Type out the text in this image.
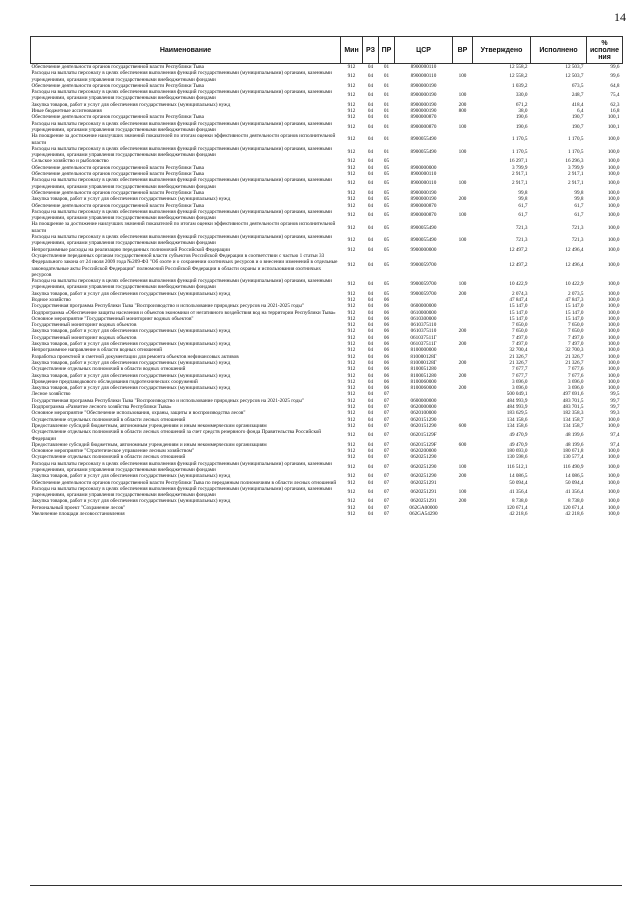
14
Наименование	Мин	РЗ	ПР	ЦСР	ВР	Утверждено	Исполнено	% исполне ния
Обеспечение деятельности органов государственной власти Республики Тыва	912	04	01	8900000110		12 558,2	12 503,7	99,6
Расходы на выплаты персоналу в целях обеспечения выполнения функций государственными (муниципальными) органами, казенными учреждениями, органами управления государственными внебюджетными фондами	912	04	01	8900000110	100	12 558,2	12 503,7	99,6
Обеспечение деятельности органов государственной власти Республики Тыва	912	04	01	8900000190		1 039,2	673,5	64,8
Расходы на выплаты персоналу в целях обеспечения выполнения функций государственными (муниципальными) органами, казенными учреждениями, органами управления государственными внебюджетными фондами	912	04	01	8900000190	100	330,0	248,7	75,4
Закупка товаров, работ и услуг для обеспечения государственных (муниципальных) нужд	912	04	01	8900000190	200	671,2	418,4	62,3
Иные бюджетные ассигнования	912	04	01	8900000190	800	38,0	6,4	16,8
Обеспечение деятельности органов государственной власти Республики Тыва	912	04	01	8900000870		190,6	190,7	100,1
Расходы на выплаты персоналу в целях обеспечения выполнения функций государственными (муниципальными) органами, казенными учреждениями, органами управления государственными внебюджетными фондами	912	04	01	8900000870	100	190,6	190,7	100,1
На поощрение за достижение наилучших значений показателей по итогам оценки эффективности деятельности органов исполнительной власти	912	04	01	8900055490		1 170,5	1 170,5	100,0
Расходы на выплаты персоналу в целях обеспечения выполнения функций государственными (муниципальными) органами, казенными учреждениями, органами управления государственными внебюджетными фондами	912	04	01	8900055490	100	1 170,5	1 170,5	100,0
Сельское хозяйство и рыболовство	912	04	05			16 297,1	16 296,3	100,0
Обеспечение деятельности органов государственной власти Республики Тыва	912	04	05	8900000000		3 799,9	3 799,9	100,0
Обеспечение деятельности органов государственной власти Республики Тыва	912	04	05	8900000110		2 917,1	2 917,1	100,0
Расходы на выплаты персоналу в целях обеспечения выполнения функций государственными (муниципальными) органами, казенными учреждениями, органами управления государственными внебюджетными фондами	912	04	05	8900000110	100	2 917,1	2 917,1	100,0
Обеспечение деятельности органов государственной власти Республики Тыва	912	04	05	8900000190		99,8	99,8	100,0
Закупка товаров, работ и услуг для обеспечения государственных (муниципальных) нужд	912	04	05	8900000190	200	99,8	99,8	100,0
Обеспечение деятельности органов государственной власти Республики Тыва	912	04	05	8900000870		61,7	61,7	100,0
Расходы на выплаты персоналу в целях обеспечения выполнения функций государственными (муниципальными) органами, казенными учреждениями, органами управления государственными внебюджетными фондами	912	04	05	8900000870	100	61,7	61,7	100,0
На поощрение за достижение наилучших значений показателей по итогам оценки эффективности деятельности органов исполнительной власти	912	04	05	8900055490		721,3	721,3	100,0
Расходы на выплаты персоналу в целях обеспечения выполнения функций государственными (муниципальными) органами, казенными учреждениями, органами управления государственными внебюджетными фондами	912	04	05	8900055490	100	721,3	721,3	100,0
Непрограммные расходы на реализацию переданных полномочий Российской Федерации	912	04	05	9900000000		12 497,2	12 496,4	100,0
Осуществление переданных органам государственной власти субъектов Российской Федерации в соответствии с частью 1 статьи 33 Федерального закона от 24 июля 2009 года №209-ФЗ "Об охоте и о сохранении охотничьих ресурсов и о внесении изменений в отдельные законодательные акты Российской Федерации" полномочий Российской Федерации в области охраны и использования охотничьих ресурсов	912	04	05	9900059700		12 497,2	12 496,4	100,0
Расходы на выплаты персоналу в целях обеспечения выполнения функций государственными (муниципальными) органами, казенными учреждениями, органами управления государственными внебюджетными фондами	912	04	05	9900059700	100	10 422,9	10 422,9	100,0
Закупка товаров, работ и услуг для обеспечения государственных (муниципальных) нужд	912	04	05	9900059700	200	2 074,3	2 073,5	100,0
Водное хозяйство	912	04	06			47 847,4	47 847,3	100,0
Государственная программа Республики Тыва "Воспроизводство и использование природных ресурсов на 2021-2025 годы"	912	04	06	0600000000		15 147,0	15 147,0	100,0
Подпрограмма «Обеспечение защиты населения и объектов экономики от негативного воздействия вод на территории Республики Тыва»	912	04	06	0610000000		15 147,0	15 147,0	100,0
Основное мероприятие "Государственный мониторинг водных объектов"	912	04	06	0610300000		15 147,0	15 147,0	100,0
Государственный мониторинг водных объектов	912	04	06	0610375110		7 650,0	7 650,0	100,0
Закупка товаров, работ и услуг для обеспечения государственных (муниципальных) нужд	912	04	06	0610375110	200	7 650,0	7 650,0	100,0
Государственный мониторинг водных объектов	912	04	06	061037511Г		7 497,0	7 497,0	100,0
Закупка товаров, работ и услуг для обеспечения государственных (муниципальных) нужд	912	04	06	061037511Г	200	7 497,0	7 497,0	100,0
Непрограммное направление в области водных отношений	912	04	06	8100000000		32 700,4	32 700,3	100,0
Разработка проектной и сметной документации для ремонта объектов нефинансовых активов	912	04	06	810000128Г		21 326,7	21 326,7	100,0
Закупка товаров, работ и услуг для обеспечения государственных (муниципальных) нужд	912	04	06	810000128Г	200	21 326,7	21 326,7	100,0
Осуществление отдельных полномочий в области водных отношений	912	04	06	8100051280		7 677,7	7 677,6	100,0
Закупка товаров, работ и услуг для обеспечения государственных (муниципальных) нужд	912	04	06	8100051280	200	7 677,7	7 677,6	100,0
Проведение предпаводкового обследования гидротехнических сооружений	912	04	06	8100060000		3 696,0	3 696,0	100,0
Закупка товаров, работ и услуг для обеспечения государственных (муниципальных) нужд	912	04	06	8100060000	200	3 696,0	3 696,0	100,0
Лесное хозяйство	912	04	07			500 049,1	497 691,6	99,5
Государственная программа Республики Тыва "Воспроизводство и использование природных ресурсов на 2021-2025 годы"	912	04	07	0600000000		484 993,9	483 701,5	99,7
Подпрограмма «Развитие лесного хозяйства Республики Тыва»	912	04	07	0620000000		484 993,9	483 701,5	99,7
Основное мероприятие "Обеспечение использования, охраны, защиты и воспроизводства лесов"	912	04	07	0620100000		183 629,5	182 358,3	99,3
Осуществление отдельных полномочий в области лесных отношений	912	04	07	0620151290		134 158,6	134 158,7	100,0
Предоставление субсидий бюджетным, автономным учреждениям и иным некоммерческим организациям	912	04	07	0620151290	600	134 158,6	134 158,7	100,0
Осуществление отдельных полномочий в области лесных отношений за счет средств резервного фонда Правительства Российской Федерации	912	04	07	062015129F		49 470,9	48 199,6	97,4
Предоставление субсидий бюджетным, автономным учреждениям и иным некоммерческим организациям	912	04	07	062015129F	600	49 470,9	48 199,6	97,4
Основное мероприятие "Стратегическое управление лесным хозяйством"	912	04	07	0620200000		180 693,0	180 671,8	100,0
Осуществление отдельных полномочий в области лесных отношений	912	04	07	0620251290		130 598,6	130 577,4	100,0
Расходы на выплаты персоналу в целях обеспечения выполнения функций государственными (муниципальными) органами, казенными учреждениями, органами управления государственными внебюджетными фондами	912	04	07	0620251290	100	116 512,1	116 490,9	100,0
Закупка товаров, работ и услуг для обеспечения государственных (муниципальных) нужд	912	04	07	0620251290	200	14 086,5	14 086,5	100,0
Обеспечение деятельности органов государственной власти Республики Тыва по переданным полномочиям в области лесных отношений	912	04	07	0620251291		50 094,4	50 094,4	100,0
Расходы на выплаты персоналу в целях обеспечения выполнения функций государственными (муниципальными) органами, казенными учреждениями, органами управления государственными внебюджетными фондами	912	04	07	0620251291	100	41 356,4	41 356,4	100,0
Закупка товаров, работ и услуг для обеспечения государственных (муниципальных) нужд	912	04	07	0620251291	200	8 738,0	8 738,0	100,0
Региональный проект "Сохранение лесов"	912	04	07	062GA00000		120 671,4	120 671,4	100,0
Увеличение площади лесовосстановления	912	04	07	062GA54290		42 218,6	42 218,6	100,0
